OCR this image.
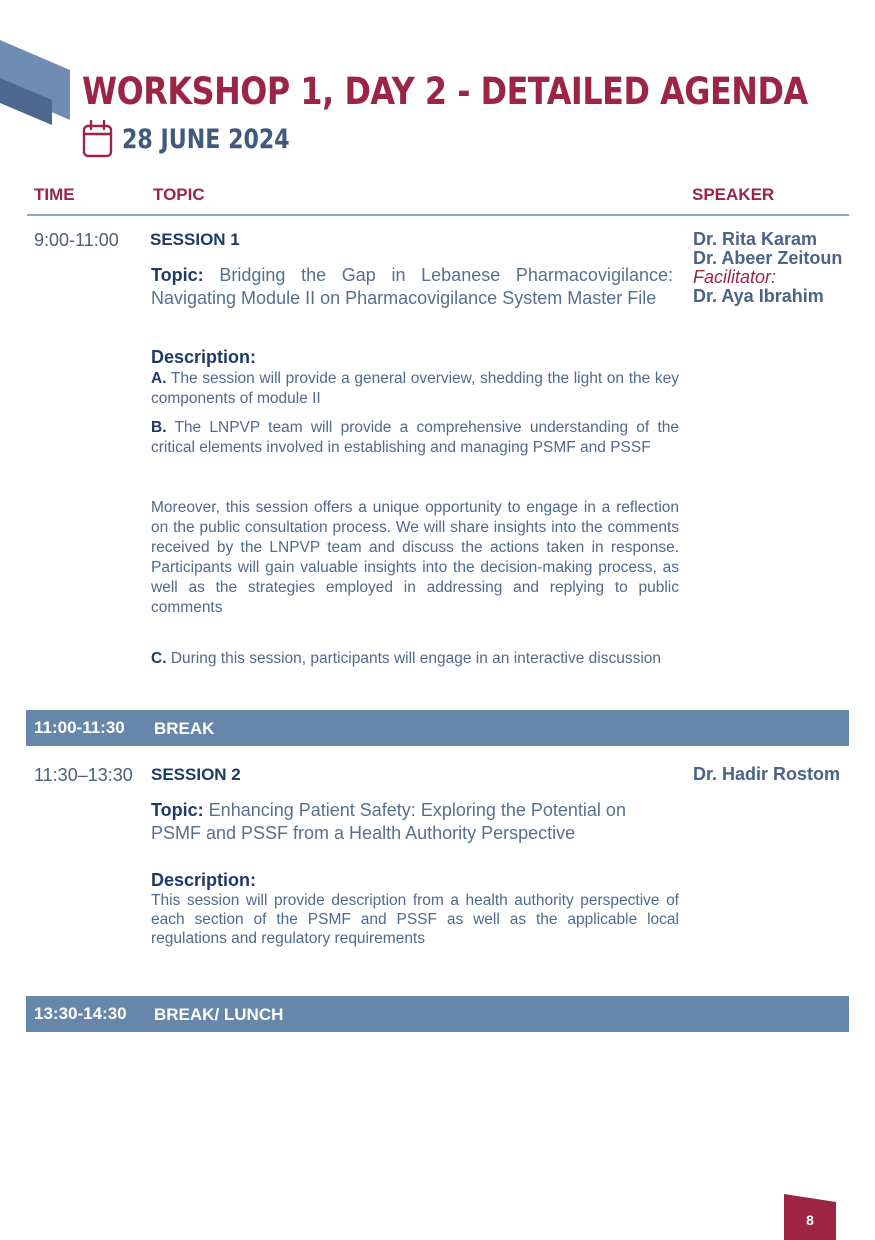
WORKSHOP 1, DAY 2 - DETAILED AGENDA
28 JUNE 2024
TIME	TOPIC	SPEAKER
9:00-11:00 SESSION 1
Topic: Bridging the Gap in Lebanese Pharmacovigilance: Navigating Module II on Pharmacovigilance System Master File
Description:

A. The session will provide a general overview, shedding the light on the key components of module II

B. The LNPVP team will provide a comprehensive understanding of the critical elements involved in establishing and managing PSMF and PSSF

Moreover, this session offers a unique opportunity to engage in a reflection on the public consultation process. We will share insights into the comments received by the LNPVP team and discuss the actions taken in response. Participants will gain valuable insights into the decision-making process, as well as the strategies employed in addressing and replying to public comments

C. During this session, participants will engage in an interactive discussion

Dr. Rita Karam
Dr. Abeer Zeitoun
Facilitator:
Dr. Aya Ibrahim
11:00-11:30 BREAK
11:30–13:30 SESSION 2
Topic: Enhancing Patient Safety: Exploring the Potential on PSMF and PSSF from a Health Authority Perspective
Description:

This session will provide description from a health authority perspective of each section of the PSMF and PSSF as well as the applicable local regulations and regulatory requirements

Dr. Hadir Rostom
13:30-14:30 BREAK/ LUNCH
8
